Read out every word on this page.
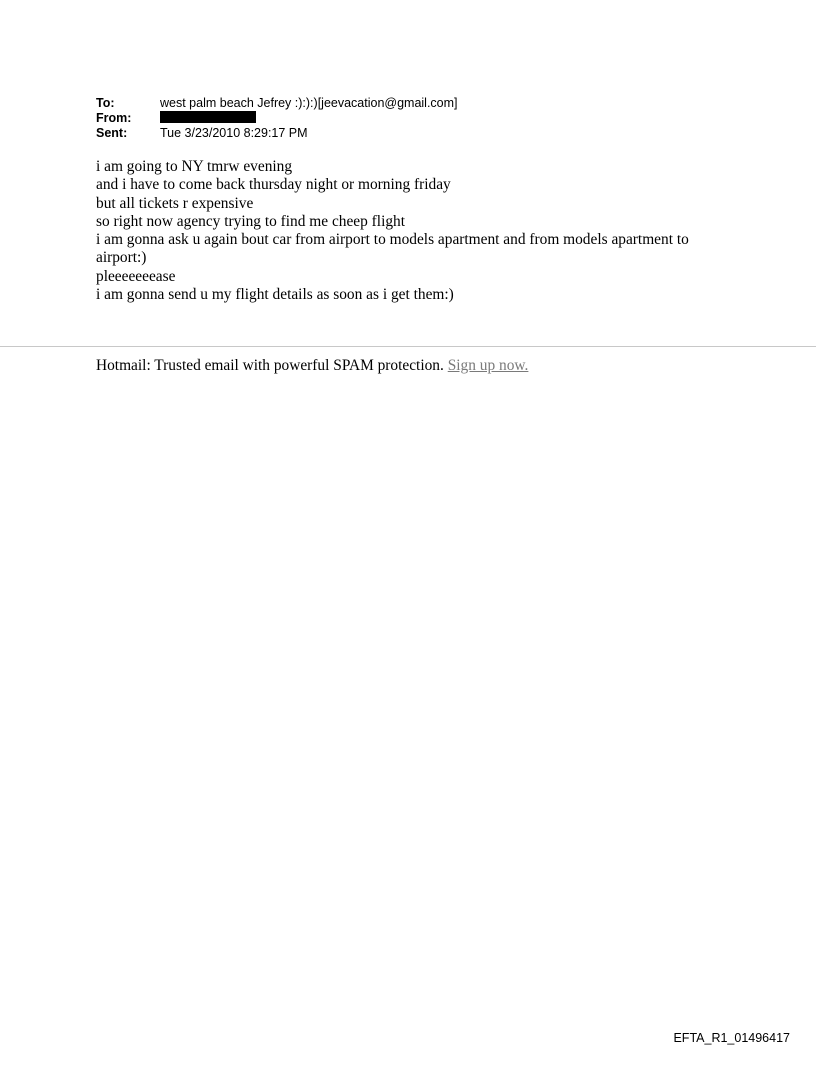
To:	west palm beach Jefrey :):):)[jeevacation@gmail.com]
From:
Sent:	Tue 3/23/2010 8:29:17 PM
i am going to NY tmrw evening
and i have to come back thursday night or morning friday
but all tickets r expensive
so right now agency trying to find me cheep flight
i am gonna ask u again bout car from airport to models apartment and from models apartment to
airport:)
pleeeeeeease
i am gonna send u my flight details as soon as i get them:)
Hotmail: Trusted email with powerful SPAM protection. Sign up now.
EFTA_R1_01496417
